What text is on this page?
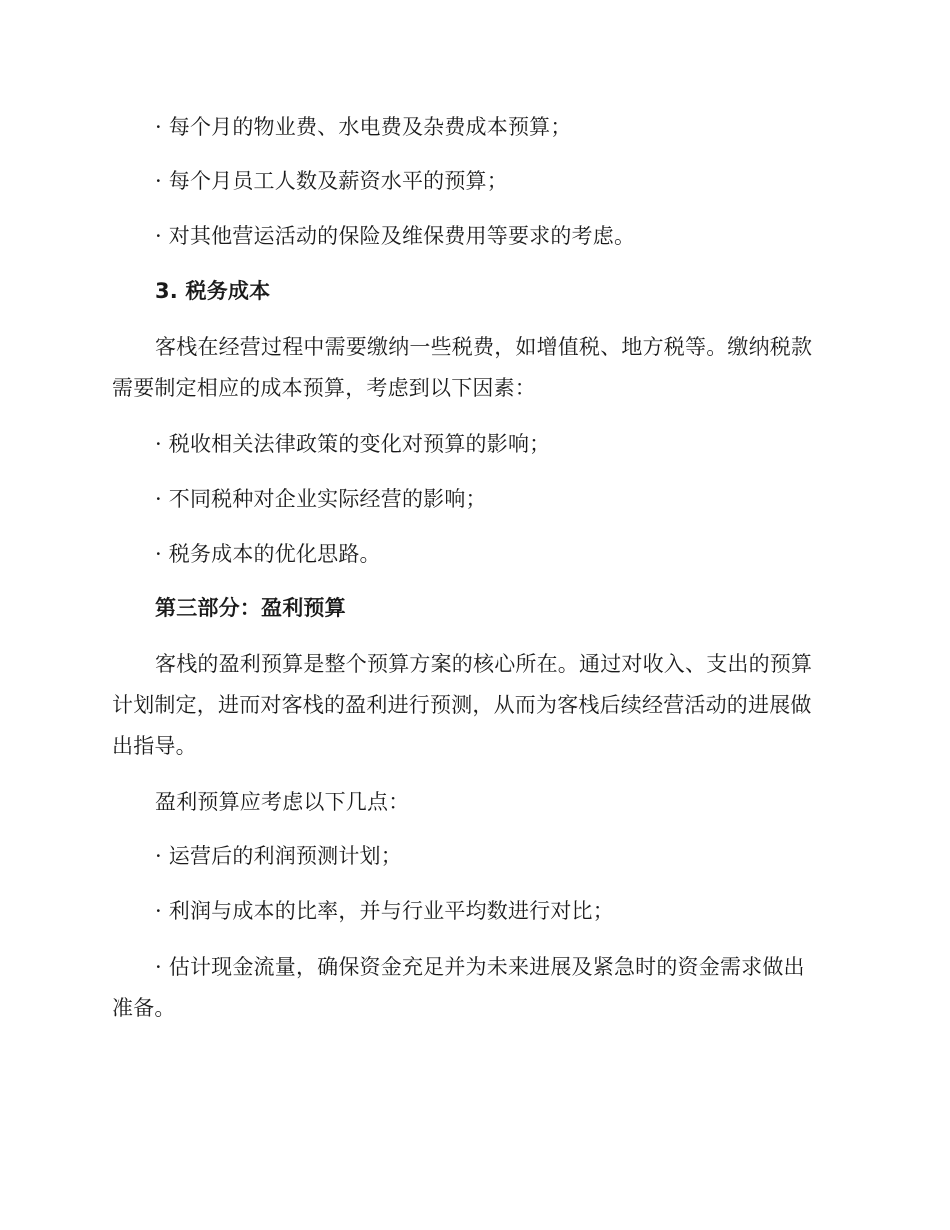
· 每个月的物业费、水电费及杂费成本预算；
· 每个月员工人数及薪资水平的预算；
· 对其他营运活动的保险及维保费用等要求的考虑。
3. 税务成本
客栈在经营过程中需要缴纳一些税费，如增值税、地方税等。缴纳税款
需要制定相应的成本预算，考虑到以下因素：
· 税收相关法律政策的变化对预算的影响；
· 不同税种对企业实际经营的影响；
· 税务成本的优化思路。
第三部分：盈利预算
客栈的盈利预算是整个预算方案的核心所在。通过对收入、支出的预算
计划制定，进而对客栈的盈利进行预测，从而为客栈后续经营活动的进展做
出指导。
盈利预算应考虑以下几点：
· 运营后的利润预测计划；
· 利润与成本的比率，并与行业平均数进行对比；
· 估计现金流量，确保资金充足并为未来进展及紧急时的资金需求做出
准备。
